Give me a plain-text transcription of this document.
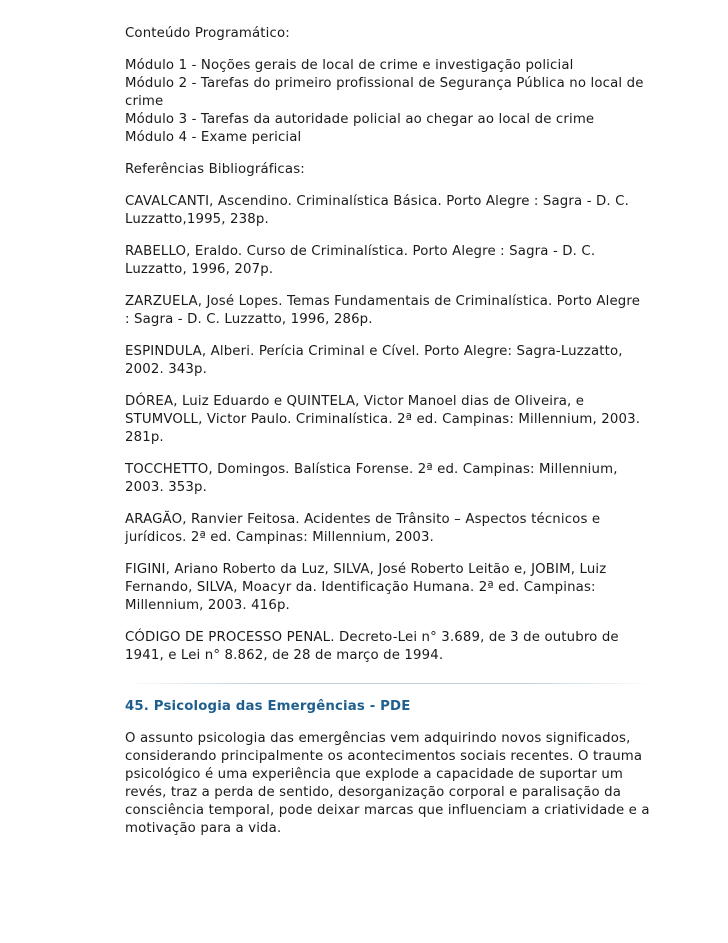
Conteúdo Programático:
Módulo 1 - Noções gerais de local de crime e investigação policial
Módulo 2 - Tarefas do primeiro profissional de Segurança Pública no local de
crime
Módulo 3 - Tarefas da autoridade policial ao chegar ao local de crime
Módulo 4 - Exame pericial
Referências Bibliográficas:
CAVALCANTI, Ascendino. Criminalística Básica. Porto Alegre : Sagra - D. C.
Luzzatto,1995, 238p.
RABELLO, Eraldo. Curso de Criminalística. Porto Alegre : Sagra - D. C.
Luzzatto, 1996, 207p.
ZARZUELA, José Lopes. Temas Fundamentais de Criminalística. Porto Alegre
: Sagra - D. C. Luzzatto, 1996, 286p.
ESPINDULA, Alberi. Perícia Criminal e Cível. Porto Alegre: Sagra-Luzzatto,
2002. 343p.
DÓREA, Luiz Eduardo e QUINTELA, Victor Manoel dias de Oliveira, e
STUMVOLL, Victor Paulo. Criminalística. 2ª ed. Campinas: Millennium, 2003.
281p.
TOCCHETTO, Domingos. Balística Forense. 2ª ed. Campinas: Millennium,
2003. 353p.
ARAGÃO, Ranvier Feitosa. Acidentes de Trânsito – Aspectos técnicos e
jurídicos. 2ª ed. Campinas: Millennium, 2003.
FIGINI, Ariano Roberto da Luz, SILVA, José Roberto Leitão e, JOBIM, Luiz
Fernando, SILVA, Moacyr da. Identificação Humana. 2ª ed. Campinas:
Millennium, 2003. 416p.
CÓDIGO DE PROCESSO PENAL. Decreto-Lei n° 3.689, de 3 de outubro de
1941, e Lei n° 8.862, de 28 de março de 1994.
45. Psicologia das Emergências - PDE
O assunto psicologia das emergências vem adquirindo novos significados,
considerando principalmente os acontecimentos sociais recentes. O trauma
psicológico é uma experiência que explode a capacidade de suportar um
revés, traz a perda de sentido, desorganização corporal e paralisação da
consciência temporal, pode deixar marcas que influenciam a criatividade e a
motivação para a vida.
